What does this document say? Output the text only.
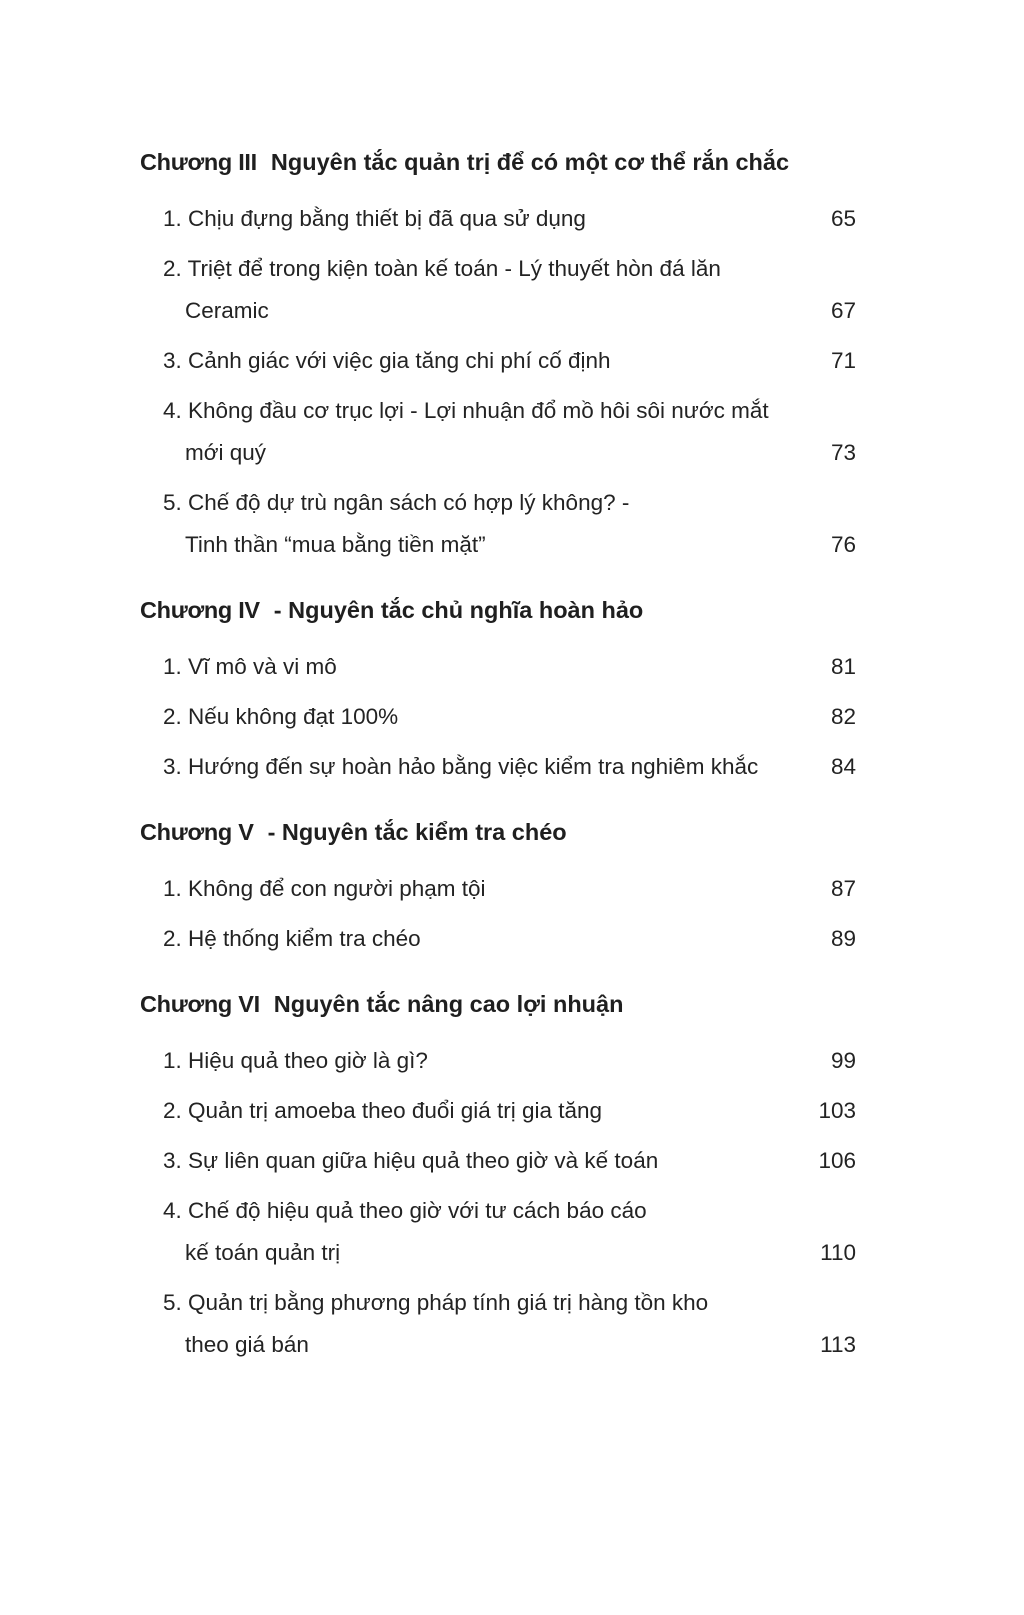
Chương III Nguyên tắc quản trị để có một cơ thể rắn chắc
1. Chịu đựng bằng thiết bị đã qua sử dụng	65
2. Triệt để trong kiện toàn kế toán - Lý thuyết hòn đá lăn
Ceramic	67
3. Cảnh giác với việc gia tăng chi phí cố định	71
4. Không đầu cơ trục lợi - Lợi nhuận đổ mồ hôi sôi nước mắt
mới quý	73
5. Chế độ dự trù ngân sách có hợp lý không? -
Tinh thần “mua bằng tiền mặt”	76
Chương IV - Nguyên tắc chủ nghĩa hoàn hảo
1. Vĩ mô và vi mô	81
2. Nếu không đạt 100%	82
3. Hướng đến sự hoàn hảo bằng việc kiểm tra nghiêm khắc	84
Chương V - Nguyên tắc kiểm tra chéo
1. Không để con người phạm tội	87
2. Hệ thống kiểm tra chéo	89
Chương VI Nguyên tắc nâng cao lợi nhuận
1. Hiệu quả theo giờ là gì?	99
2. Quản trị amoeba theo đuổi giá trị gia tăng	103
3. Sự liên quan giữa hiệu quả theo giờ và kế toán	106
4. Chế độ hiệu quả theo giờ với tư cách báo cáo
kế toán quản trị	110
5. Quản trị bằng phương pháp tính giá trị hàng tồn kho
theo giá bán	113
